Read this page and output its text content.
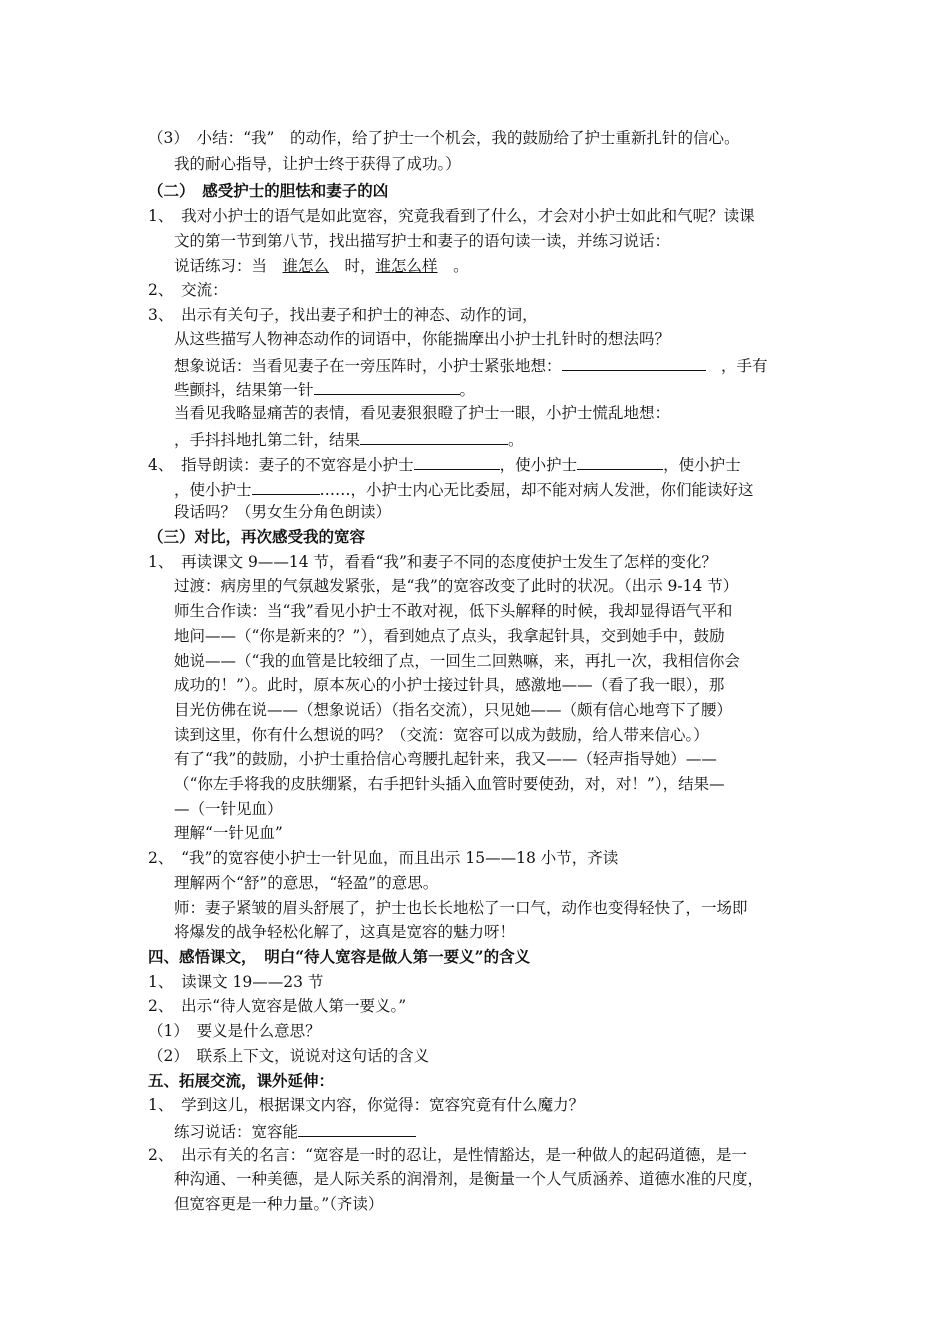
（3）　小结：“我”　的动作，给了护士一个机会，我的鼓励给了护士重新扎针的信心。
我的耐心指导，让护士终于获得了成功。）
（二）　感受护士的胆怯和妻子的凶
1、　我对小护士的语气是如此宽容，究竟我看到了什么，才会对小护士如此和气呢？读课
文的第一节到第八节，找出描写护士和妻子的语句读一读，并练习说话：
说话练习：当　谁怎么　时，谁怎么样　。
2、　交流：
3、　出示有关句子，找出妻子和护士的神态、动作的词，
从这些描写人物神态动作的词语中，你能揣摩出小护士扎针时的想法吗？
想象说话：当看见妻子在一旁压阵时，小护士紧张地想：	　，手有
些颤抖，结果第一针	。
当看见我略显痛苦的表情，看见妻狠狠瞪了护士一眼，小护士慌乱地想：
，手抖抖地扎第二针，结果	。
4、　指导朗读：妻子的不宽容是小护士	，使小护士	，使小护士
，使小护士	……，小护士内心无比委屈，却不能对病人发泄，你们能读好这
段话吗？（男女生分角色朗读）
（三）对比，再次感受我的宽容
1、　再读课文 9——14 节，看看“我”和妻子不同的态度使护士发生了怎样的变化？
过渡：病房里的气氛越发紧张，是“我”的宽容改变了此时的状况。（出示 9-14 节）
师生合作读：当“我”看见小护士不敢对视，低下头解释的时候，我却显得语气平和
地问——（“你是新来的？”），看到她点了点头，我拿起针具，交到她手中，鼓励
她说——（“我的血管是比较细了点，一回生二回熟嘛，来，再扎一次，我相信你会
成功的！”）。此时，原本灰心的小护士接过针具，感激地——（看了我一眼），那
目光仿佛在说——（想象说话）（指名交流），只见她——（颇有信心地弯下了腰）
读到这里，你有什么想说的吗？（交流：宽容可以成为鼓励，给人带来信心。）
有了“我”的鼓励，小护士重拾信心弯腰扎起针来，我又——（轻声指导她）——
（“你左手将我的皮肤绷紧，右手把针头插入血管时要使劲，对，对！”），结果—
—（一针见血）
理解“一针见血”
2、　“我”的宽容使小护士一针见血，而且出示 15——18 小节，齐读
理解两个“舒”的意思，“轻盈”的意思。
师：妻子紧皱的眉头舒展了，护士也长长地松了一口气，动作也变得轻快了，一场即
将爆发的战争轻松化解了，这真是宽容的魅力呀！
四、感悟课文，　明白“待人宽容是做人第一要义”的含义
1、　读课文 19——23 节
2、　出示“待人宽容是做人第一要义。”
（1）　要义是什么意思？
（2）　联系上下文，说说对这句话的含义
五、拓展交流，课外延伸：
1、　学到这儿，根据课文内容，你觉得：宽容究竟有什么魔力？
练习说话：宽容能
2、　出示有关的名言：“宽容是一时的忍让，是性情豁达，是一种做人的起码道德，是一
种沟通、一种美德，是人际关系的润滑剂，是衡量一个人气质涵养、道德水准的尺度，
但宽容更是一种力量。”（齐读）
